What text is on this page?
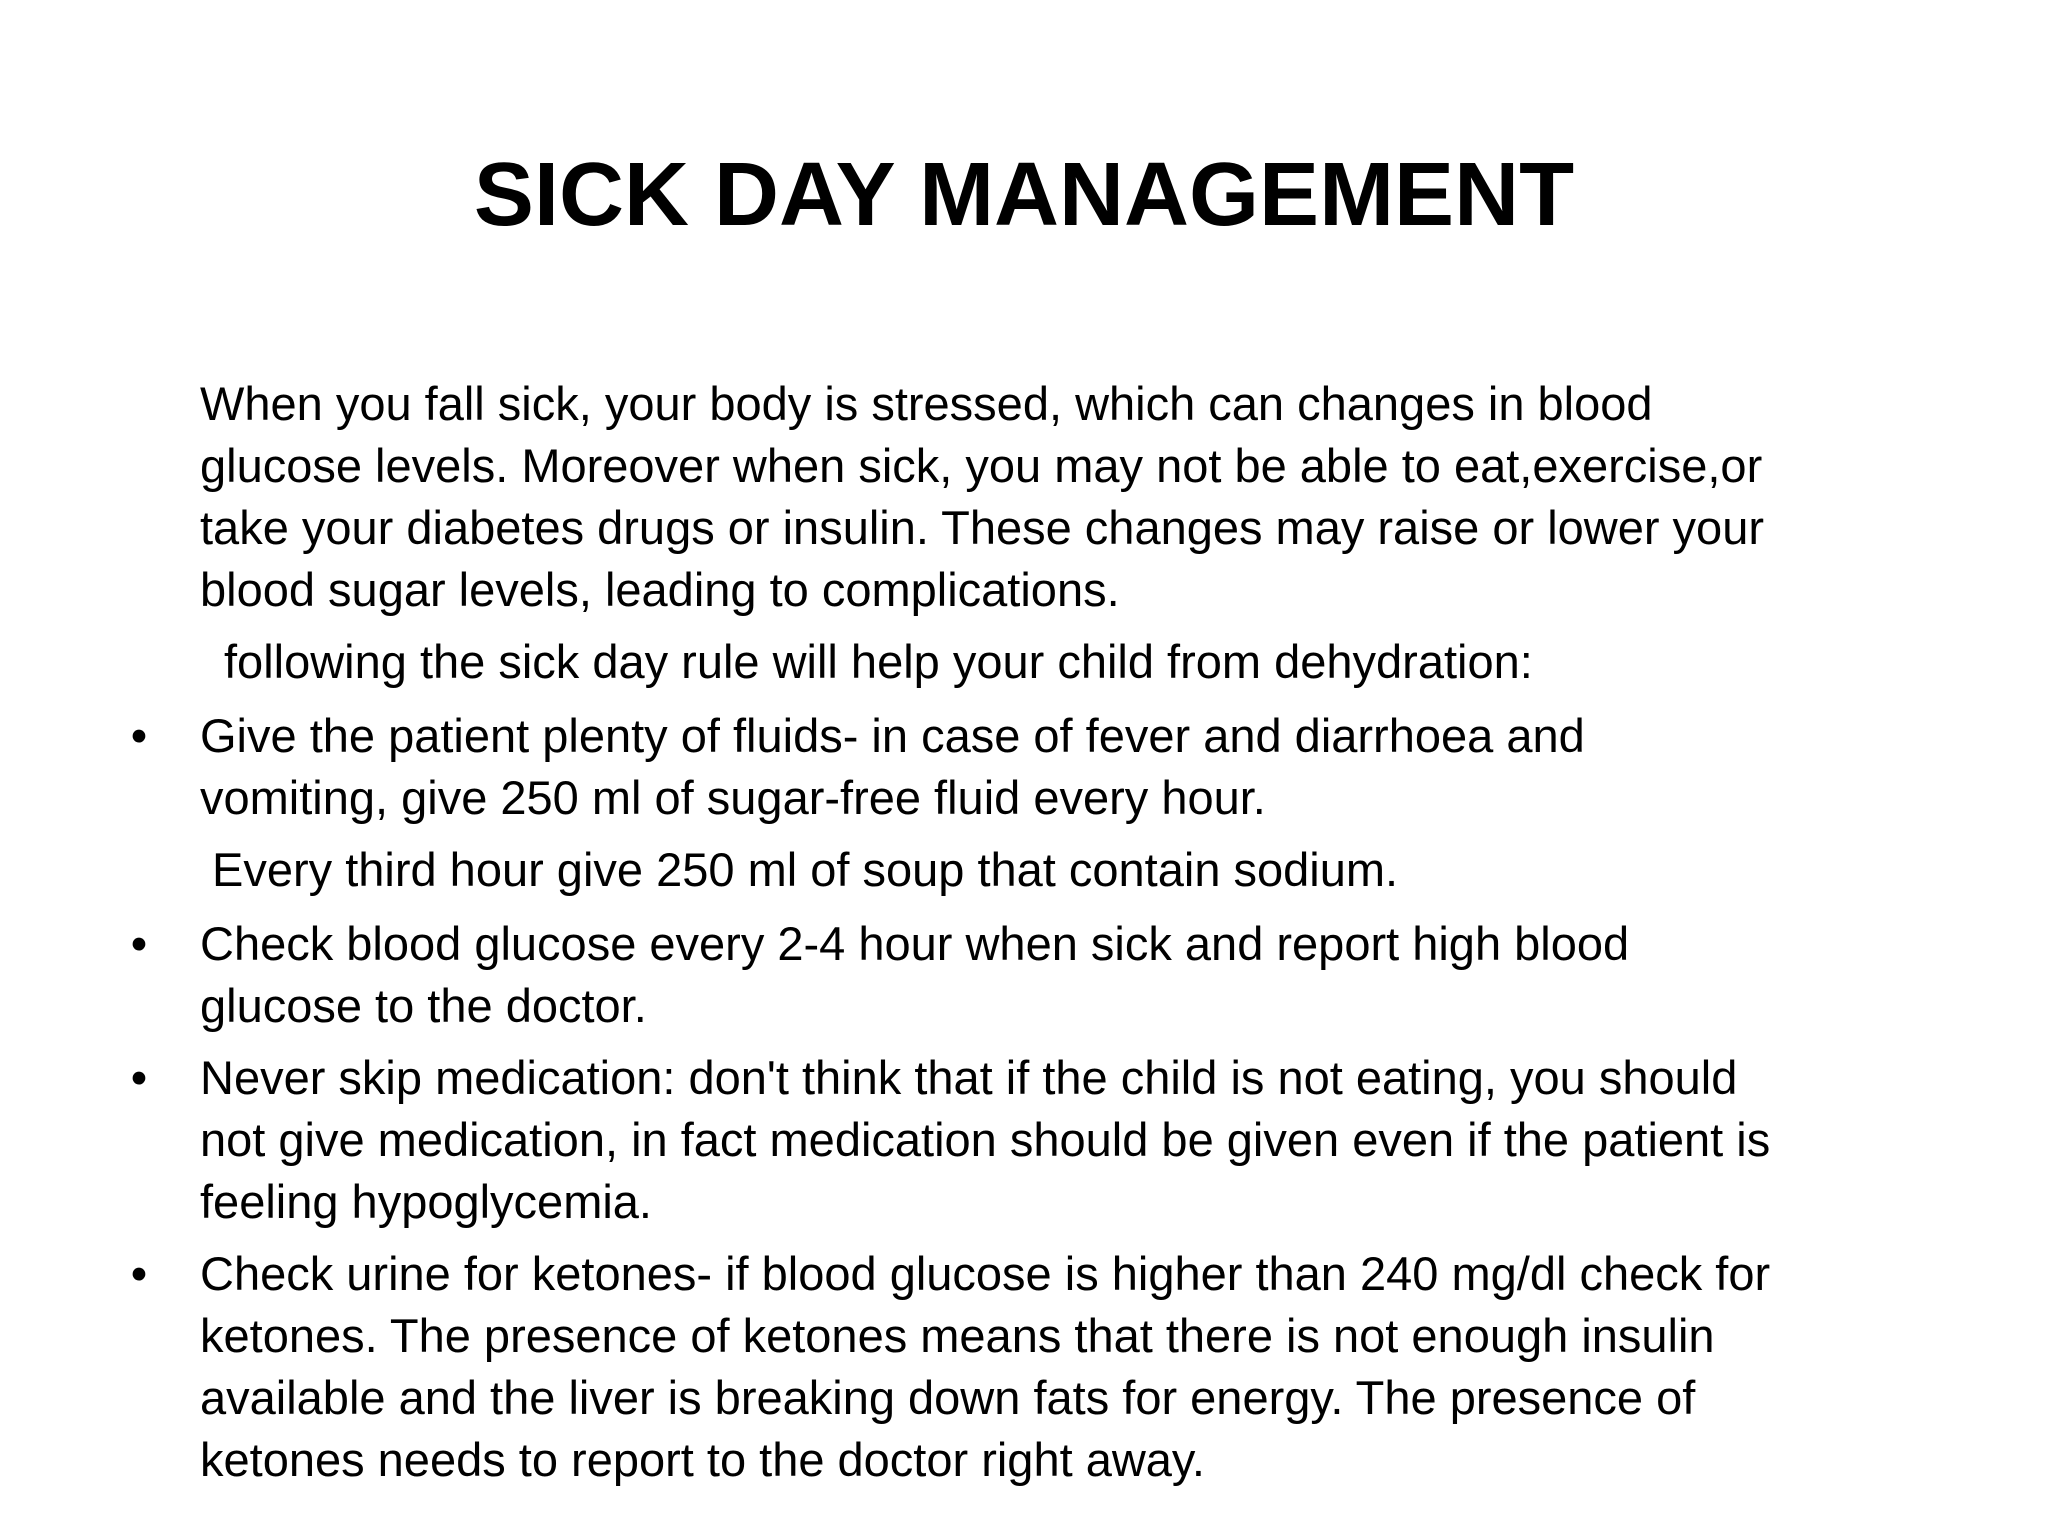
SICK DAY MANAGEMENT
When you fall sick, your body is stressed, which can changes in blood
glucose levels. Moreover when sick, you may not be able to eat,exercise,or
take your diabetes drugs or insulin. These changes may raise or lower your
blood sugar levels, leading to complications.
following the sick day rule will help your child from dehydration:
• Give the patient plenty of fluids- in case of fever and diarrhoea and
vomiting, give 250 ml of sugar-free fluid every hour.
Every third hour give 250 ml of soup that contain sodium.
• Check blood glucose every 2-4 hour when sick and report high blood
glucose to the doctor.
• Never skip medication: don't think that if the child is not eating, you should
not give medication, in fact medication should be given even if the patient is
feeling hypoglycemia.
• Check urine for ketones- if blood glucose is higher than 240 mg/dl check for
ketones. The presence of ketones means that there is not enough insulin
available and the liver is breaking down fats for energy. The presence of
ketones needs to report to the doctor right away.
